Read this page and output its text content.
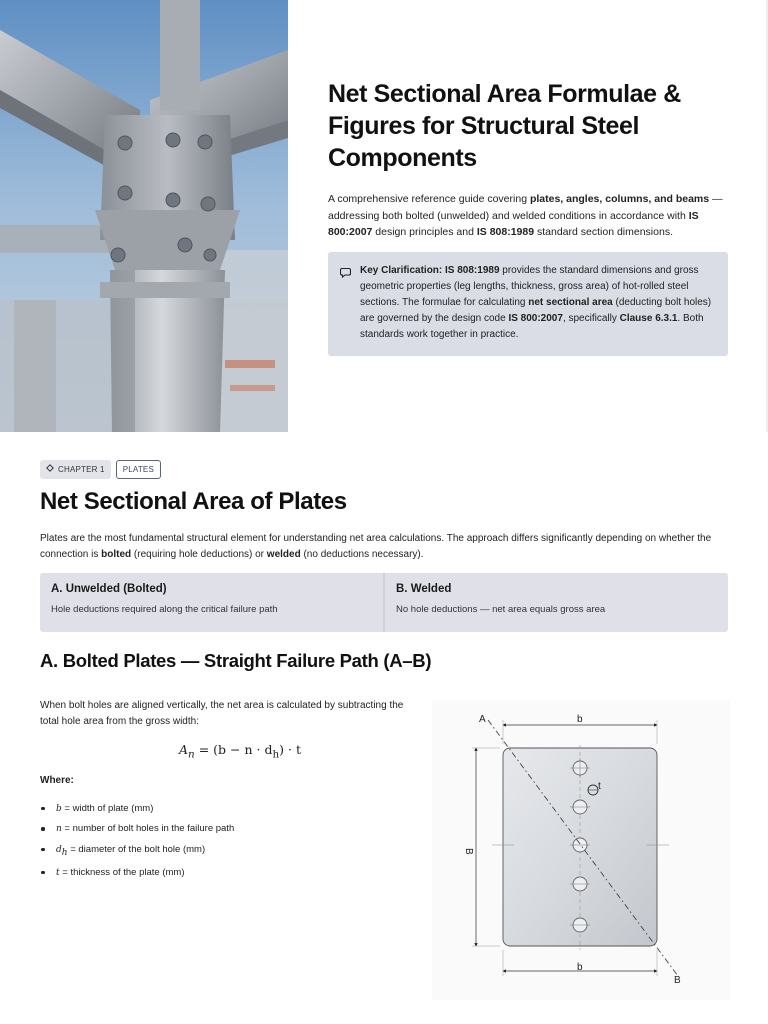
Net Sectional Area Formulae & Figures for Structural Steel Components

A comprehensive reference guide covering plates, angles, columns, and beams — addressing both bolted (unwelded) and welded conditions in accordance with IS 800:2007 design principles and IS 808:1989 standard section dimensions.

Key Clarification: IS 808:1989 provides the standard dimensions and gross geometric properties (leg lengths, thickness, gross area) of hot-rolled steel sections. The formulae for calculating net sectional area (deducting bolt holes) are governed by the design code IS 800:2007, specifically Clause 6.3.1. Both standards work together in practice.

CHAPTER 1	PLATES
Net Sectional Area of Plates

Plates are the most fundamental structural element for understanding net area calculations. The approach differs significantly depending on whether the connection is bolted (requiring hole deductions) or welded (no deductions necessary).

A. Unwelded (Bolted)
Hole deductions required along the critical failure path
B. Welded
No hole deductions — net area equals gross area
A. Bolted Plates — Straight Failure Path (A–B)

When bolt holes are aligned vertically, the net area is calculated by subtracting the total hole area from the gross width:

$A_n = (b - n \cdot d_h) \cdot t$
Where:
b = width of plate (mm)
n = number of bolt holes in the failure path
$d_h$ = diameter of the bolt hole (mm)
t = thickness of the plate (mm)
t
A
B
b
b
B
